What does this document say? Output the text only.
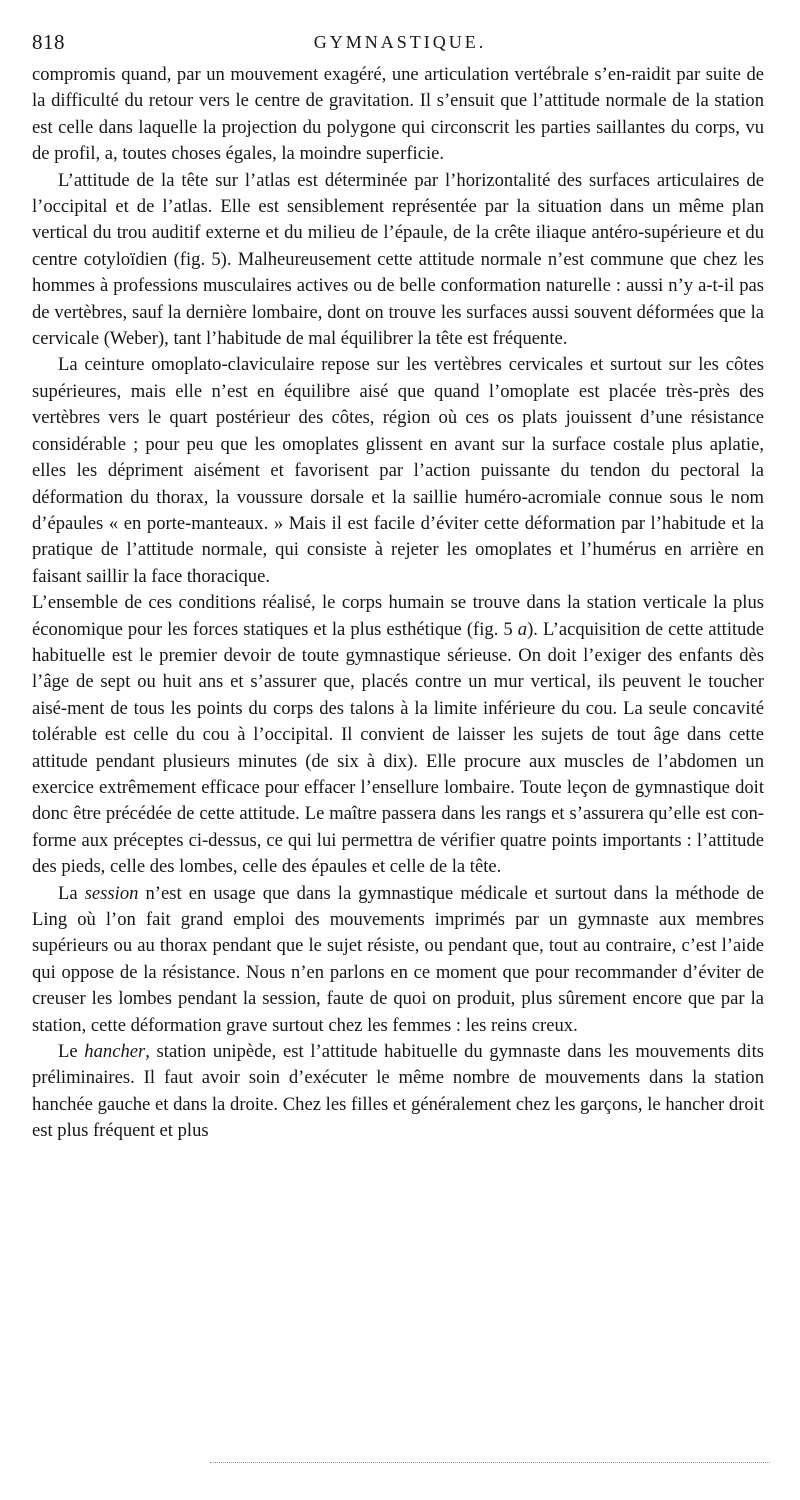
818	GYMNASTIQUE.

compromis quand, par un mouvement exagéré, une articulation vertébrale s’en-raidit par suite de la difficulté du retour vers le centre de gravitation. Il s’ensuit que l’attitude normale de la station est celle dans laquelle la projection du polygone qui circonscrit les parties saillantes du corps, vu de profil, a, toutes choses égales, la moindre superficie.

L’attitude de la tête sur l’atlas est déterminée par l’horizontalité des surfaces articulaires de l’occipital et de l’atlas. Elle est sensiblement représentée par la situation dans un même plan vertical du trou auditif externe et du milieu de l’épaule, de la crête iliaque antéro-supérieure et du centre cotyloïdien (fig. 5). Malheureusement cette attitude normale n’est commune que chez les hommes à professions musculaires actives ou de belle conformation naturelle : aussi n’y a-t-il pas de vertèbres, sauf la dernière lombaire, dont on trouve les surfaces aussi souvent déformées que la cervicale (Weber), tant l’habitude de mal équilibrer la tête est fréquente.

La ceinture omoplato-claviculaire repose sur les vertèbres cervicales et surtout sur les côtes supérieures, mais elle n’est en équilibre aisé que quand l’omoplate est placée très-près des vertèbres vers le quart postérieur des côtes, région où ces os plats jouissent d’une résistance considérable ; pour peu que les omoplates glissent en avant sur la surface costale plus aplatie, elles les dépriment aisément et favorisent par l’action puissante du tendon du pectoral la déformation du thorax, la voussure dorsale et la saillie huméro-acromiale connue sous le nom d’épaules « en porte-manteaux. » Mais il est facile d’éviter cette déformation par l’habitude et la pratique de l’attitude normale, qui consiste à rejeter les omoplates et l’humérus en arrière en faisant saillir la face thoracique.

L’ensemble de ces conditions réalisé, le corps humain se trouve dans la station verticale la plus économique pour les forces statiques et la plus esthétique (fig. 5 a). L’acquisition de cette attitude habituelle est le premier devoir de toute gymnastique sérieuse. On doit l’exiger des enfants dès l’âge de sept ou huit ans et s’assurer que, placés contre un mur vertical, ils peuvent le toucher aisé-ment de tous les points du corps des talons à la limite inférieure du cou. La seule concavité tolérable est celle du cou à l’occipital. Il convient de laisser les sujets de tout âge dans cette attitude pendant plusieurs minutes (de six à dix). Elle procure aux muscles de l’abdomen un exercice extrêmement efficace pour effacer l’ensellure lombaire. Toute leçon de gymnastique doit donc être précédée de cette attitude. Le maître passera dans les rangs et s’assurera qu’elle est con-forme aux préceptes ci-dessus, ce qui lui permettra de vérifier quatre points importants : l’attitude des pieds, celle des lombes, celle des épaules et celle de la tête.

La session n’est en usage que dans la gymnastique médicale et surtout dans la méthode de Ling où l’on fait grand emploi des mouvements imprimés par un gymnaste aux membres supérieurs ou au thorax pendant que le sujet résiste, ou pendant que, tout au contraire, c’est l’aide qui oppose de la résistance. Nous n’en parlons en ce moment que pour recommander d’éviter de creuser les lombes pendant la session, faute de quoi on produit, plus sûrement encore que par la station, cette déformation grave surtout chez les femmes : les reins creux.

Le hancher, station unipède, est l’attitude habituelle du gymnaste dans les mouvements dits préliminaires. Il faut avoir soin d’exécuter le même nombre de mouvements dans la station hanchée gauche et dans la droite. Chez les filles et généralement chez les garçons, le hancher droit est plus fréquent et plus
